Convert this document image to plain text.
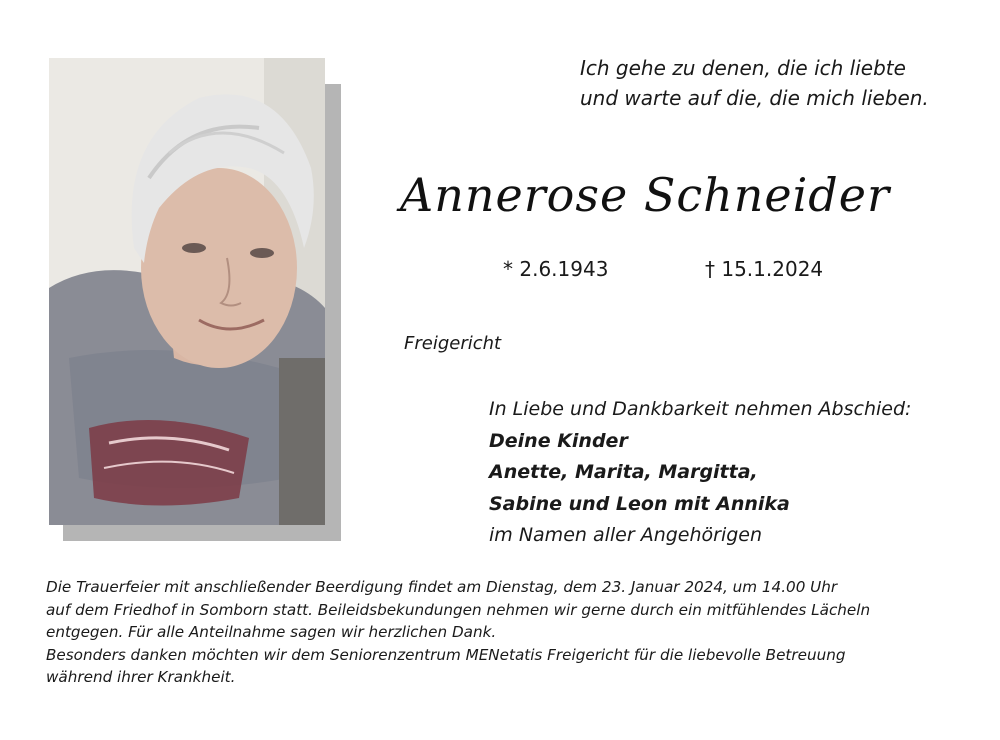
Ich gehe zu denen, die ich liebte
und warte auf die, die mich lieben.
Annerose Schneider
* 2.6.1943	† 15.1.2024
Freigericht
In Liebe und Dankbarkeit nehmen Abschied:
Deine Kinder
Anette, Marita, Margitta,
Sabine und Leon mit Annika
im Namen aller Angehörigen
Die Trauerfeier mit anschließender Beerdigung findet am Dienstag, dem 23. Januar 2024, um 14.00 Uhr
auf dem Friedhof in Somborn statt. Beileidsbekundungen nehmen wir gerne durch ein mitfühlendes Lächeln
entgegen. Für alle Anteilnahme sagen wir herzlichen Dank.
Besonders danken möchten wir dem Seniorenzentrum MENetatis Freigericht für die liebevolle Betreuung
während ihrer Krankheit.
